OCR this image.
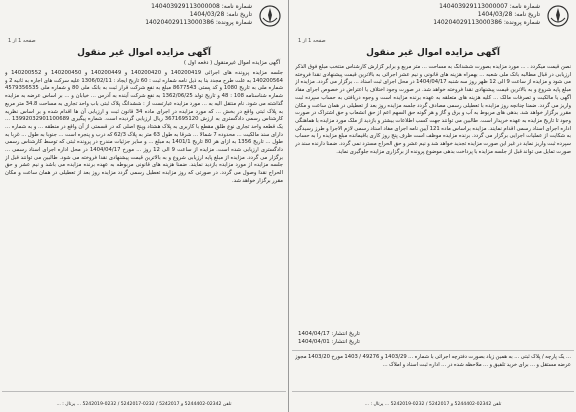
شماره نامه: 140403929113000008
تاریخ نامه: 1404/03/28
شماره پرونده: 140204029113000386
صفحه 1 از 1
آگهی مزایده اموال غیر منقول
آگهی مزایده اموال غیرمنقول ( دفعه اول )
جلسه مزایده پرونده های اجرائی 140200419 و 140200420 و 140200449 و 140200450 و 140200552 و 140200564 به علت طرح مجدد بنا به ذیل نامه شماره ثبت : 60 تاریخ ایجاد : 1306/02/11 علیه سرکت های اجاره به ثانیه 2 و شماره ملی به تاریخ 1080 و کد پستی 8677543 مبلغ به نفع شرکت قرار ثبت به بانک ملی 80 و شماره ملی 4579356535 شماره شناسنامه 108 : 48 و تاریخ تولد 1362/06/25 به نفع شرکت آینده به آدرس ... خیابان و ... بر اساس عرضه به مزایده گذاشته می شود. نام منتقل الیه به ... مورد مزایده عبارتست از : ششدانگ پلاک ثبتی باب واحد تجاری به مساحت 34.8 متر مربع به پلاک ثبتی واقع در بخش ... که مورد مزایده در اجرای ماده 34 قانون ثبت و ارزیابی آن ها اقدام شده و بر اساس نظریه کارشناس رسمی دادگستری به ارزش 3671695120 ریال ارزیابی گردیده است. شماره پیگیری 13992032901100689 ... یک قطعه واحد تجاری نوع طلق مقطع با کاربری به پلاک هشتاد وپنج اصلی که در قسمتی از آن واقع در منطقه ... و به شماره ... دارای سند مالکیت ... محدوده 7 شمالا ... شرقا به طول 63 متر به پلاک 62/3 که درب و پنجره است ... جنوبا به طول ... غربا به طول ... تاریخ 1356 به ازای هر 80 تاریخ 1401/1 به مبلغ ... و سایر جزئیات مندرج در پرونده ثبتی که توسط کارشناس رسمی دادگستری ارزیابی شده است. مزایده از ساعت 9 الی 12 روز ... مورخ 1404/04/17 در محل اداره اجرای اسناد رسمی ... برگزار می گردد. مزایده از مبلغ پایه ارزیابی شروع و به بالاترین قیمت پیشنهادی نقدا فروخته می شود. طالبین می توانند قبل از جلسه مزایده از مورد مزایده بازدید نمایند. ضمنا هزینه های قانونی مربوطه به عهده برنده مزایده می باشد و نیم عشر و حق الحراج نقدا وصول می گردد. در صورتی که روز مزایده تعطیل رسمی گردد مزایده روز بعد از تعطیلی در همان ساعت و مکان مقرر برگزار خواهد شد.
تلفن 02342-5244402 و 5242017 / 0232-5242017 / 0232-5242019 ... پرتال : ...
شماره نامه: 140403929113000007
تاریخ نامه: 1404/03/28
شماره پرونده: 140204029113000386
صفحه 1 از 1
آگهی مزایده اموال غیر منقول
نصن قیمت میگردد . ... مورد مزایده بصورت ششدانگ به مساحت ... متر مربع و برابر گزارش کارشناس منتخب مبلغ فوق الذکر ارزیابی در قبال مطالبه بانک ملی شعبه ... بهمراه هزینه های قانونی و نیم عشر اجرائی به بالاترین قیمت پیشنهادی نقدا فروخته می شود و مزایده از ساعت 9 الی 12 ظهر روز سه شنبه 1404/04/17 در محل اجرای ثبت اسناد ... برگزار می گردد. مزایده از مبلغ پایه شروع و به بالاترین قیمت پیشنهادی نقدا فروخته خواهد شد. در صورت وجود اختلاف یا اعتراض در خصوص اجرای مفاد آگهی یا مالکیت و تصرفات مالک ... کلیه هزینه های متعلقه به عهده برنده مزایده است و وجوه دریافتی به حساب سپرده ثبت واریز می گردد. ضمنا چنانچه روز مزایده با تعطیلی رسمی مصادف گردد جلسه مزایده روز بعد از تعطیلی در همان ساعت و مکان مقرر برگزار خواهد شد. بدهی های مربوط به آب و برق و گاز و هر گونه حق السهم اعم از حق انشعاب و حق اشتراک در صورت وجود تا تاریخ مزایده به عهده خریدار است. طالبین می توانند جهت کسب اطلاعات بیشتر و بازدید از ملک مورد مزایده با هماهنگی اداره اجرای اسناد رسمی اقدام نمایند. مزایده براساس ماده 121 آیین نامه اجرای مفاد اسناد رسمی لازم الاجرا و طرز رسیدگی به شکایت از عملیات اجرایی برگزار می گردد. برنده مزایده موظف است ظرف پنج روز کاری باقیمانده مبلغ مزایده را به حساب سپرده ثبت واریز نماید در غیر این صورت مزایده تجدید خواهد شد و نیم عشر و حق الحراج مسترد نمی گردد. ضمنا دارنده سند در صورت تمایل می تواند قبل از جلسه مزایده با پرداخت بدهی موضوع پرونده از برگزاری مزایده جلوگیری نماید.
تاریخ انتشار: 1404/04/17
تاریخ انتشار: 1404/04/01
... یک پارچه / پلاک ثبتی ... به همین زیاد بصورت دفترچه اجرائی با شماره ... 1403/29 و 49276 / 1403 مورخ 1403/20 مجوز عرضه مستقل و ... برای خرید تلفیق و ... ملاحظه شده در ... اداره ثبت اسناد و املاک ...
تلفن 02342-5244402 و 5242017 / 0232-5242019 ... پرتال : ...
